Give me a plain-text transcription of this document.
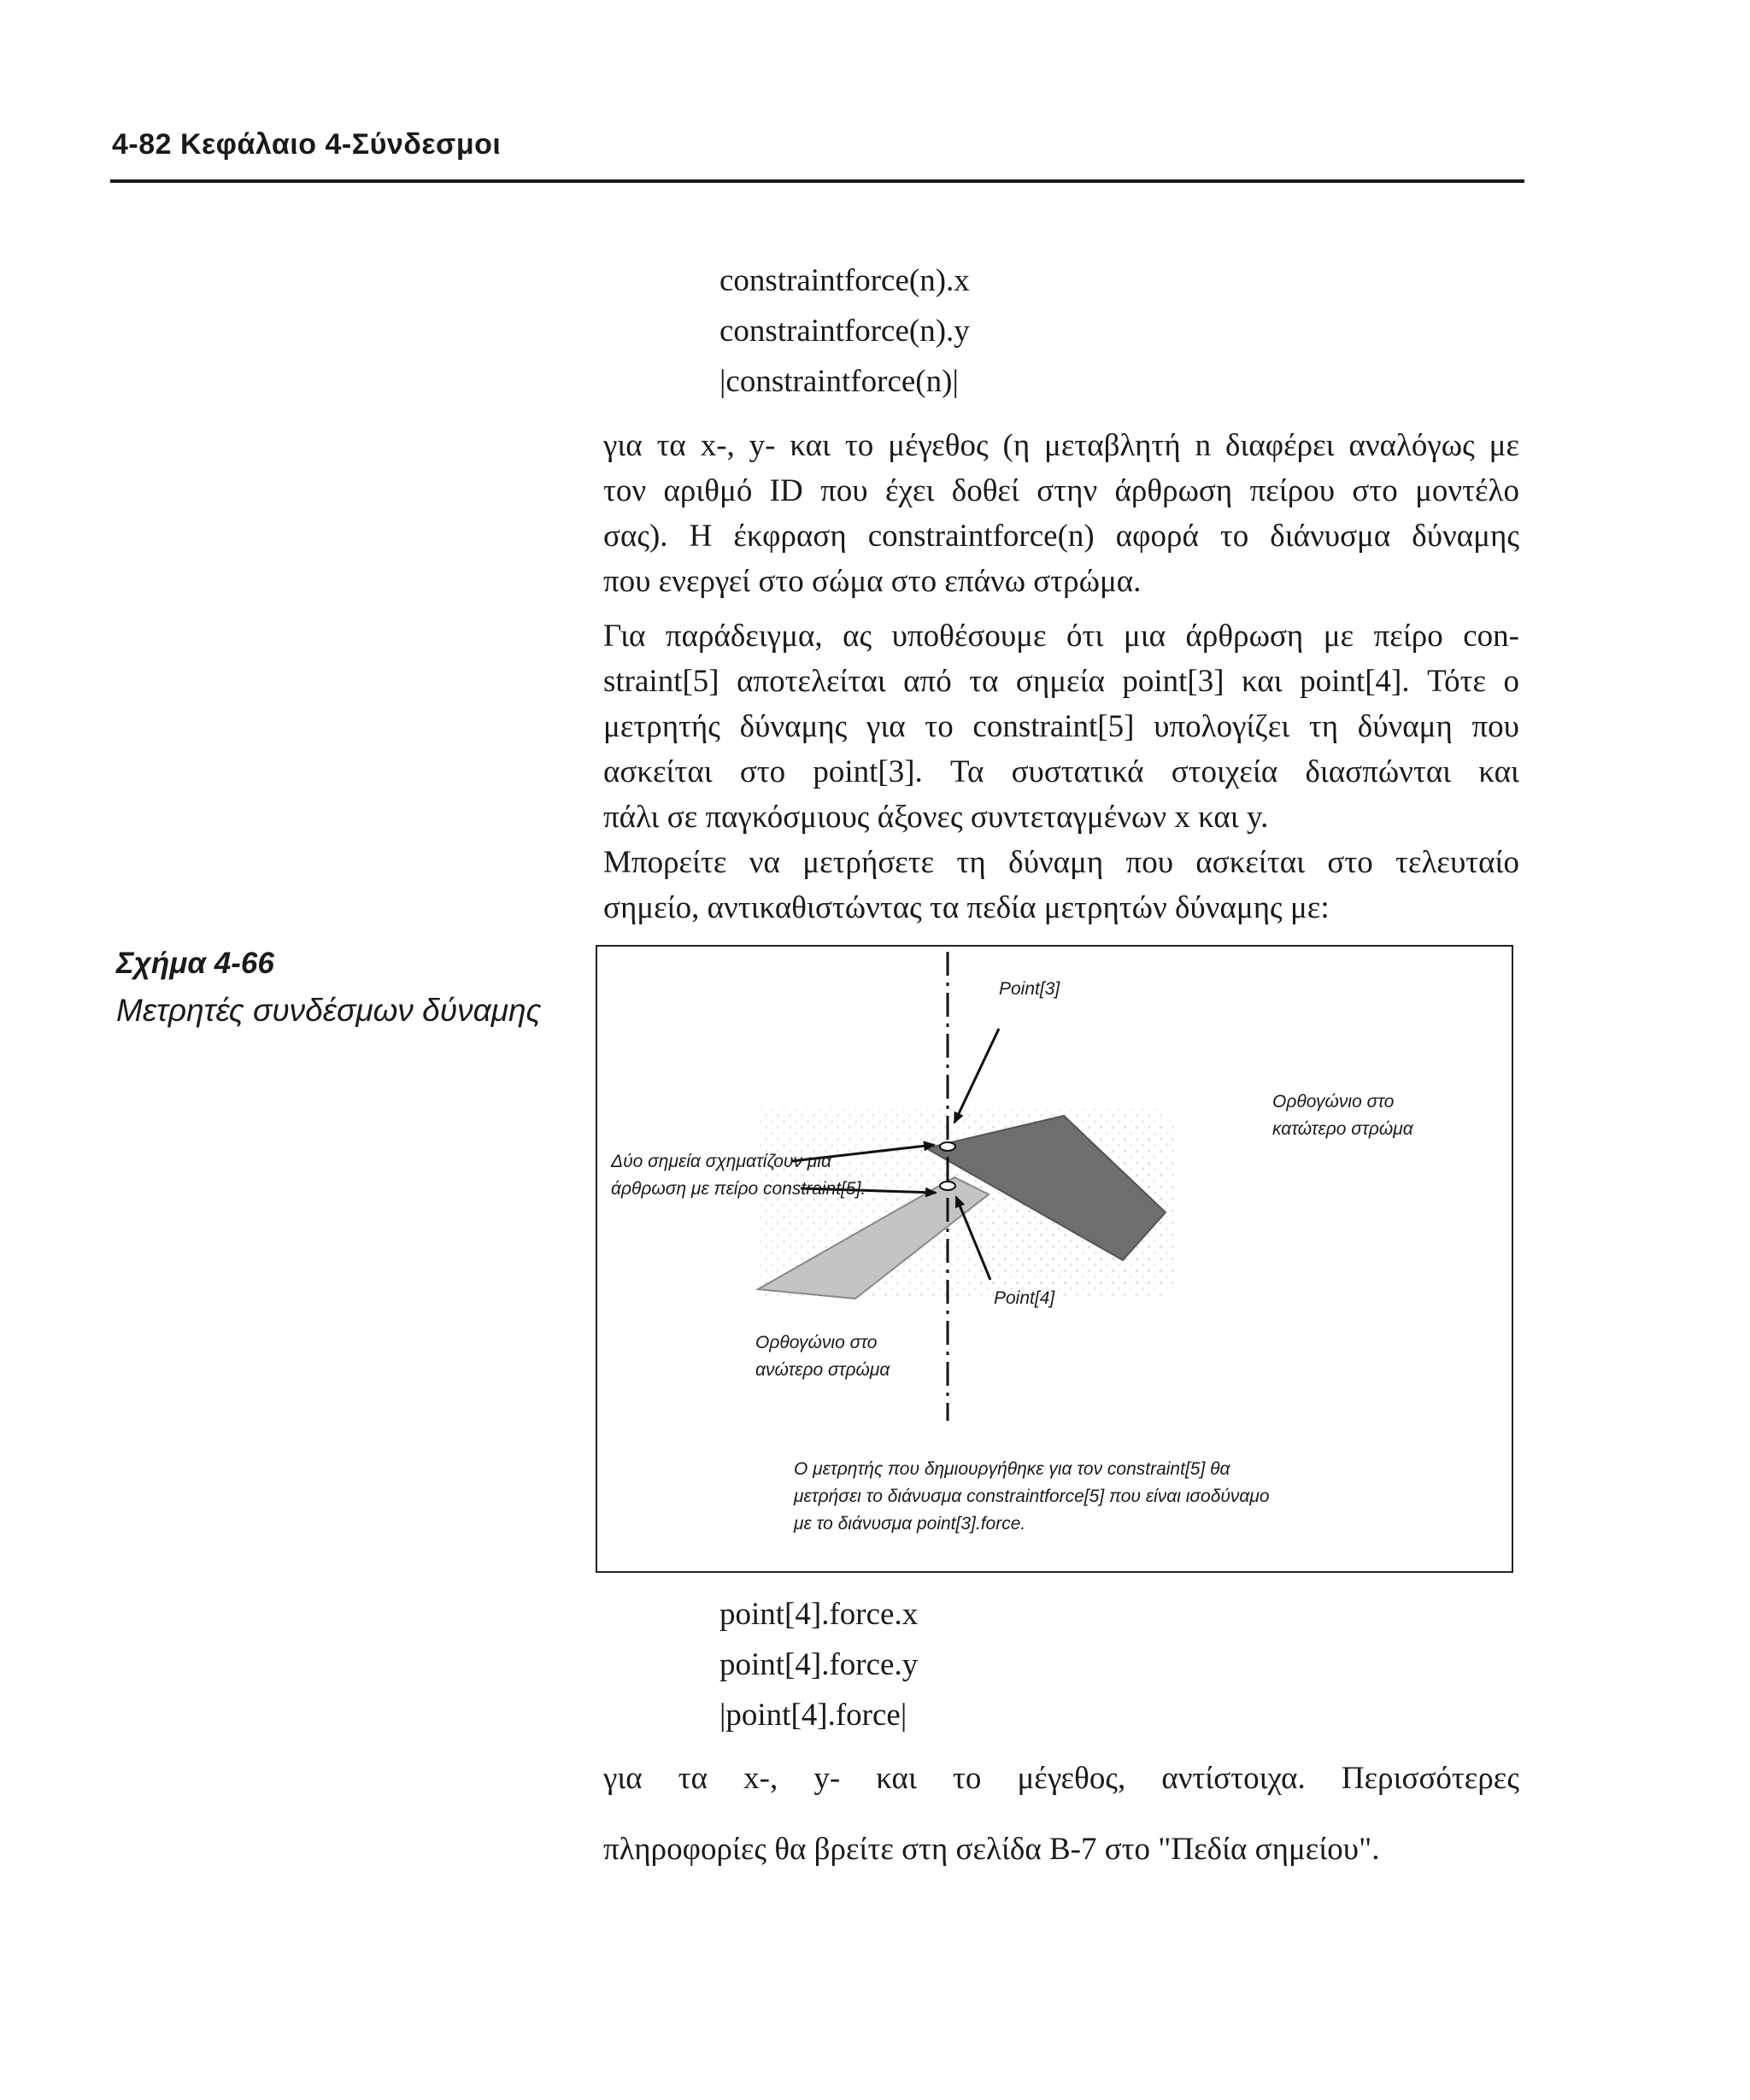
4-82 Κεφάλαιο 4-Σύνδεσμοι
constraintforce(n).x
constraintforce(n).y
|constraintforce(n)|
για τα x-, y- και το μέγεθος (η μεταβλητή n διαφέρει αναλόγως με
τον αριθμό ID που έχει δοθεί στην άρθρωση πείρου στο μοντέλο
σας). Η έκφραση constraintforce(n) αφορά το διάνυσμα δύναμης
που ενεργεί στο σώμα στο επάνω στρώμα.
Για παράδειγμα, ας υποθέσουμε ότι μια άρθρωση με πείρο con-
straint[5] αποτελείται από τα σημεία point[3] και point[4]. Τότε ο
μετρητής δύναμης για το constraint[5] υπολογίζει τη δύναμη που
ασκείται στο point[3]. Τα συστατικά στοιχεία διασπώνται και
πάλι σε παγκόσμιους άξονες συντεταγμένων x και y.
Μπορείτε να μετρήσετε τη δύναμη που ασκείται στο τελευταίο
σημείο, αντικαθιστώντας τα πεδία μετρητών δύναμης με:
Σχήμα 4-66
Μετρητές συνδέσμων δύναμης
Point[3]
Ορθογώνιο στο
κατώτερο στρώμα
Δύο σημεία σχηματίζουν μια
άρθρωση με πείρο constraint[5].
Point[4]
Ορθογώνιο στο
ανώτερο στρώμα
Ο μετρητής που δημιουργήθηκε για τον constraint[5] θα
μετρήσει το διάνυσμα constraintforce[5] που είναι ισοδύναμο
με το διάνυσμα point[3].force.
point[4].force.x
point[4].force.y
|point[4].force|
για τα x-, y- και το μέγεθος, αντίστοιχα. Περισσότερες
πληροφορίες θα βρείτε στη σελίδα B-7 στο "Πεδία σημείου".
